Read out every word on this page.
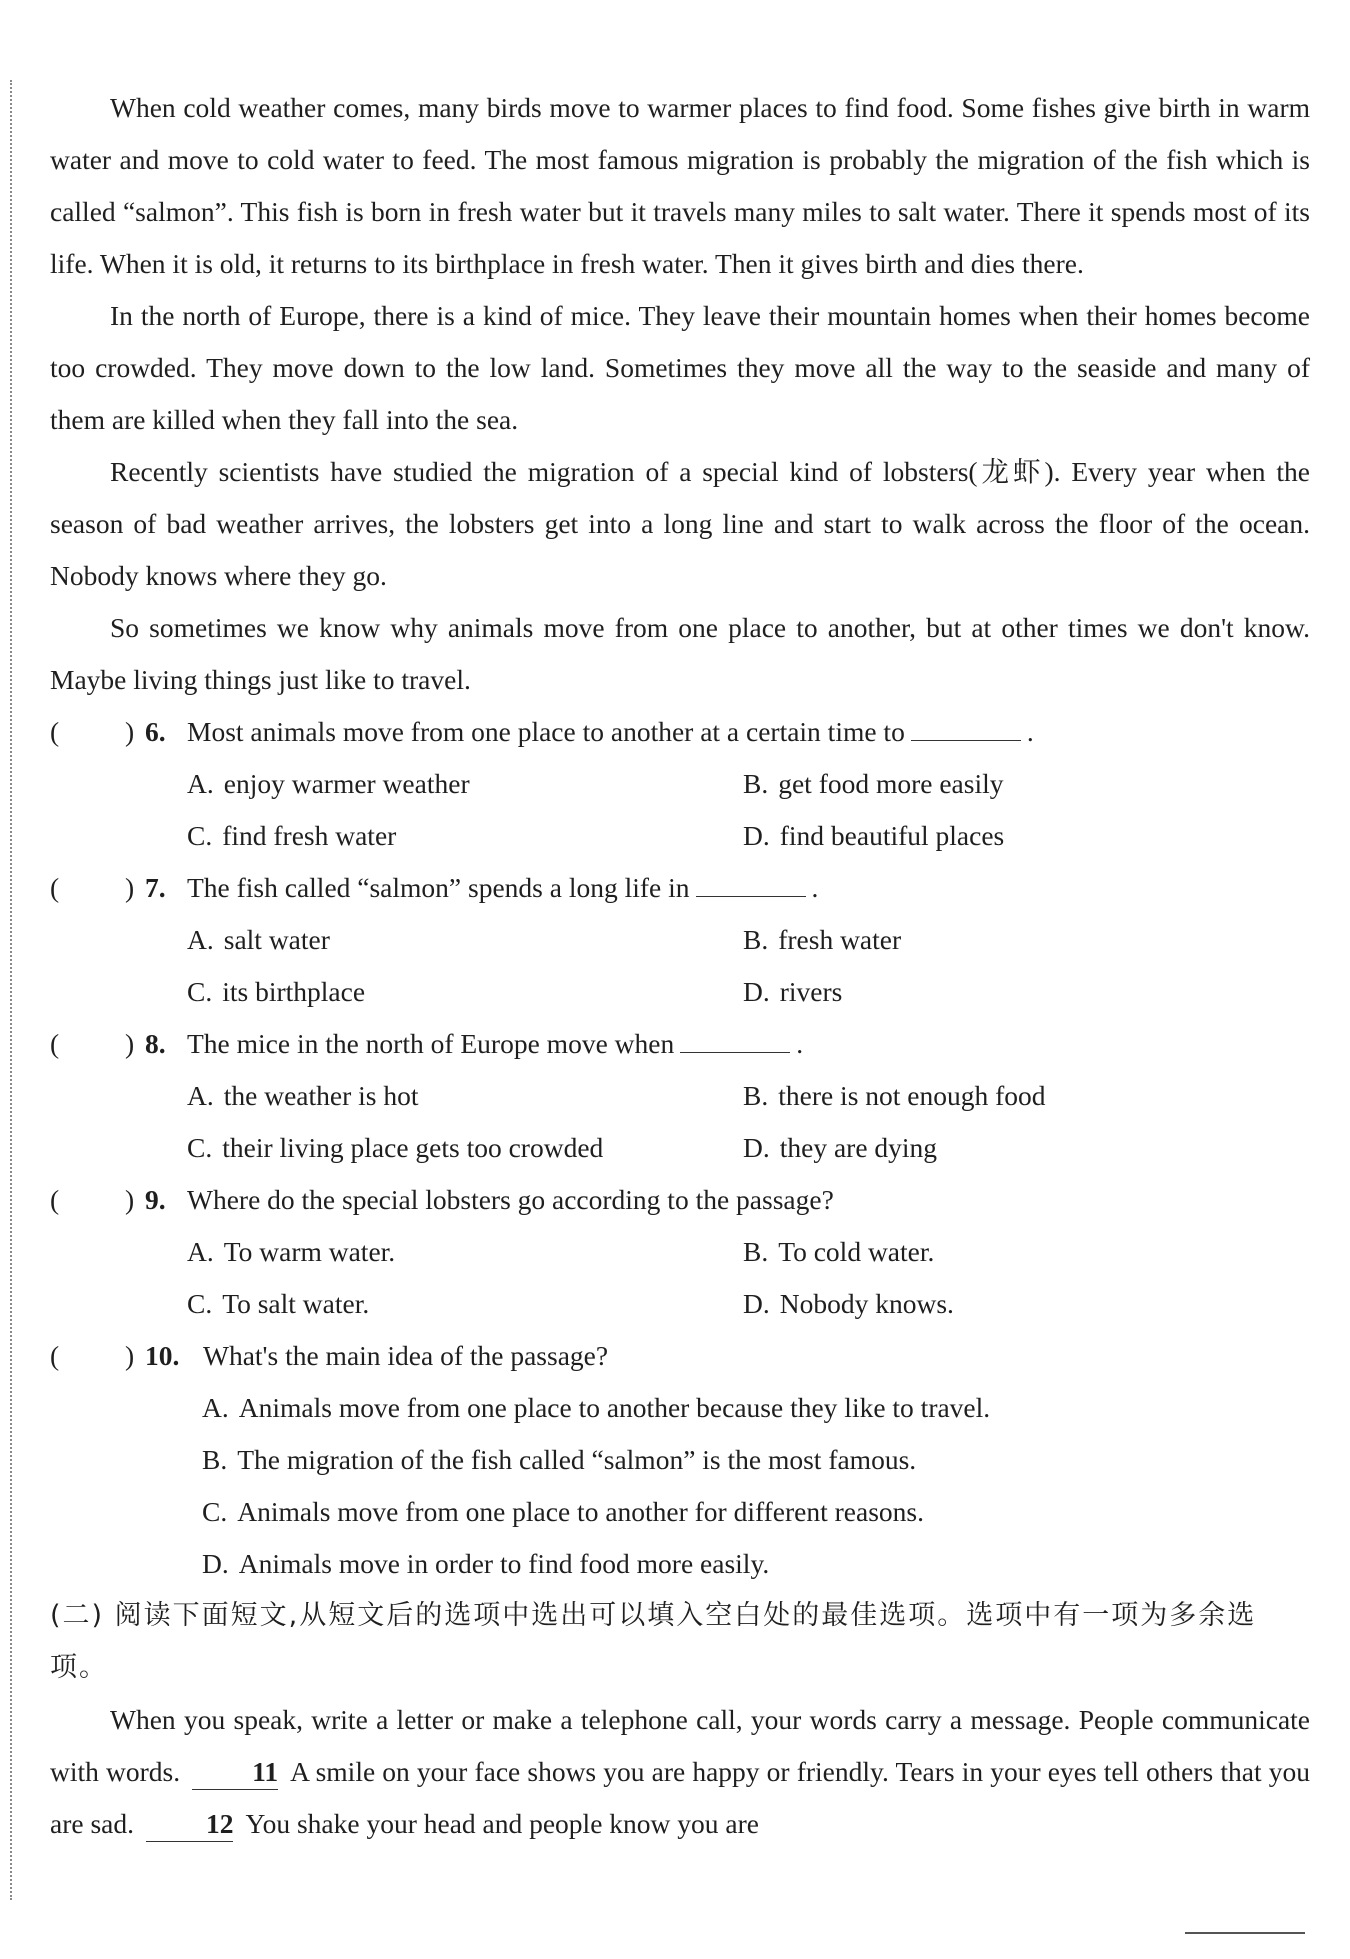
When cold weather comes, many birds move to warmer places to find food. Some fishes give birth in warm water and move to cold water to feed. The most famous migration is probably the migration of the fish which is called “salmon”. This fish is born in fresh water but it travels many miles to salt water. There it spends most of its life. When it is old, it returns to its birthplace in fresh water. Then it gives birth and dies there.

In the north of Europe, there is a kind of mice. They leave their mountain homes when their homes become too crowded. They move down to the low land. Sometimes they move all the way to the seaside and many of them are killed when they fall into the sea.

Recently scientists have studied the migration of a special kind of lobsters(龙虾). Every year when the season of bad weather arrives, the lobsters get into a long line and start to walk across the floor of the ocean. Nobody knows where they go.

So sometimes we know why animals move from one place to another, but at other times we don't know. Maybe living things just like to travel.

( ) 6. Most animals move from one place to another at a certain time to	.
A. enjoy warmer weather	B. get food more easily
C. find fresh water	D. find beautiful places
( ) 7. The fish called “salmon” spends a long life in	.
A. salt water	B. fresh water
C. its birthplace	D. rivers
( ) 8. The mice in the north of Europe move when	.
A. the weather is hot	B. there is not enough food
C. their living place gets too crowded	D. they are dying
( ) 9. Where do the special lobsters go according to the passage?
A. To warm water.	B. To cold water.
C. To salt water.	D. Nobody knows.
( ) 10. What's the main idea of the passage?
A. Animals move from one place to another because they like to travel.
B. The migration of the fish called “salmon” is the most famous.
C. Animals move from one place to another for different reasons.
D. Animals move in order to find food more easily.

(二) 阅读下面短文,从短文后的选项中选出可以填入空白处的最佳选项。选项中有一项为多余选项。

When you speak, write a letter or make a telephone call, your words carry a message. People communicate with words.	11 A smile on your face shows you are happy or friendly. Tears in your eyes tell others that you are sad.	12 You shake your head and people know you are
